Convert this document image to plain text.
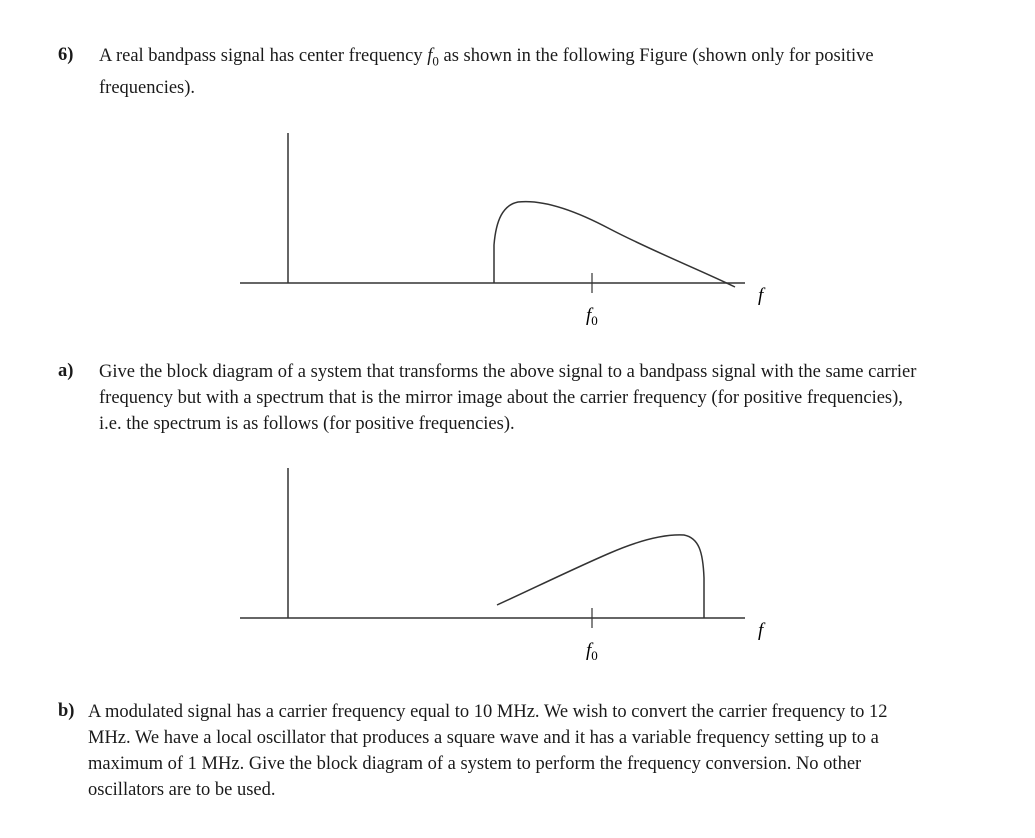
6) A real bandpass signal has center frequency $f_0$ as shown in the following Figure (shown only for positive frequencies).
f
$f_0$
a) Give the block diagram of a system that transforms the above signal to a bandpass signal with the same carrier frequency but with a spectrum that is the mirror image about the carrier frequency (for positive frequencies), i.e. the spectrum is as follows (for positive frequencies).
f
$f_0$
b) A modulated signal has a carrier frequency equal to 10 MHz. We wish to convert the carrier frequency to 12 MHz. We have a local oscillator that produces a square wave and it has a variable frequency setting up to a maximum of 1 MHz. Give the block diagram of a system to perform the frequency conversion. No other oscillators are to be used.
